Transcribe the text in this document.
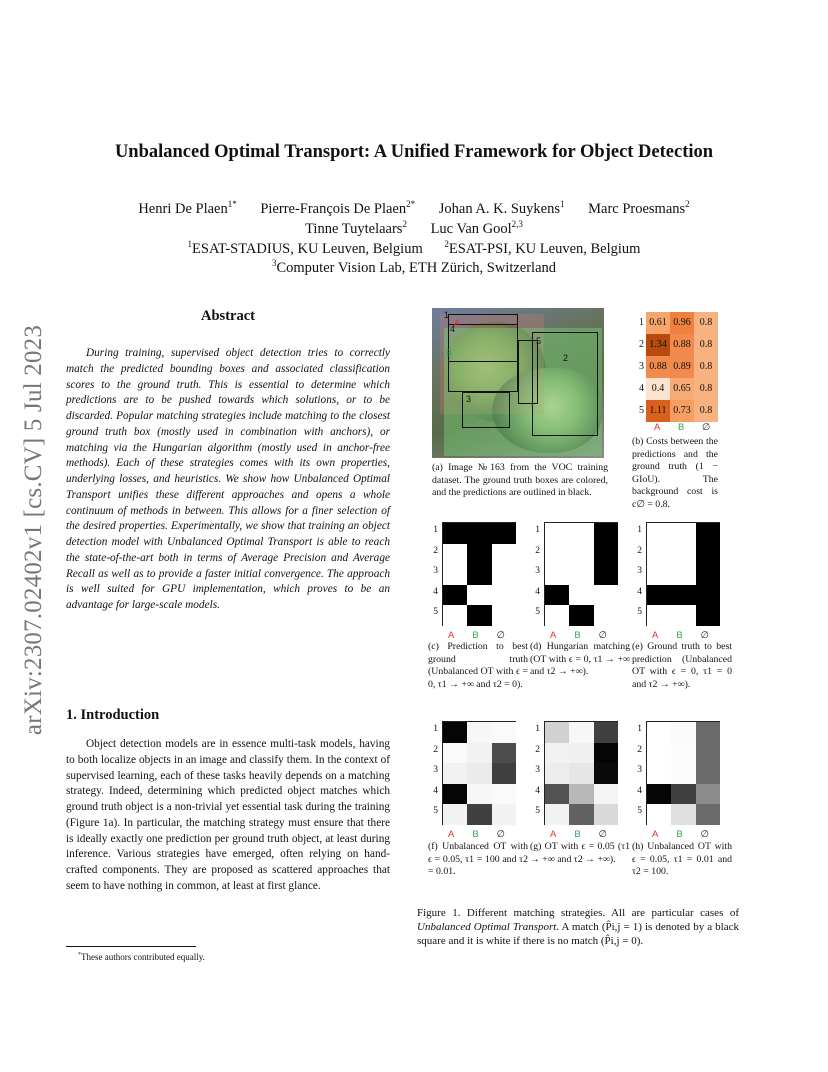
arXiv:2307.02402v1 [cs.CV] 5 Jul 2023
Unbalanced Optimal Transport: A Unified Framework for Object Detection
Henri De Plaen$^{1*}$ Pierre-François De Plaen$^{2*}$ Johan A. K. Suykens$^1$ Marc Proesmans$^2$
Tinne Tuytelaars$^2$ Luc Van Gool$^{2,3}$
$^1$ESAT-STADIUS, KU Leuven, Belgium $^2$ESAT-PSI, KU Leuven, Belgium
$^3$Computer Vision Lab, ETH Zürich, Switzerland
Abstract

During training, supervised object detection tries to correctly match the predicted bounding boxes and associated classification scores to the ground truth. This is essential to determine which predictions are to be pushed towards which solutions, or to be discarded. Popular matching strategies include matching to the closest ground truth box (mostly used in combination with anchors), or matching via the Hungarian algorithm (mostly used in anchor-free methods). Each of these strategies comes with its own properties, underlying losses, and heuristics. We show how Unbalanced Optimal Transport unifies these different approaches and opens a whole continuum of methods in between. This allows for a finer selection of the desired properties. Experimentally, we show that training an object detection model with Unbalanced Optimal Transport is able to reach the state-of-the-art both in terms of Average Precision and Average Recall as well as to provide a faster initial convergence. The approach is well suited for GPU implementation, which proves to be an advantage for large-scale models.

1. Introduction

Object detection models are in essence multi-task models, having to both localize objects in an image and classify them. In the context of supervised learning, each of these tasks heavily depends on a matching strategy. Indeed, determining which predicted object matches which ground truth object is a non-trivial yet essential task during the training (Figure 1a). In particular, the matching strategy must ensure that there is ideally exactly one prediction per ground truth object, at least during inference. Various strategies have emerged, often relying on hand-crafted components. They are proposed as scattered approaches that seem to have nothing in common, at least at first glance.

*These authors contributed equally.
1
2
3
4
5
A
B

(a) Image №163 from the VOC training dataset. The ground truth boxes are colored, and the predictions are outlined in black.

1 0.61 0.96 0.8
2 1.34 0.88 0.8
3 0.88 0.89 0.8
4 0.4 0.65 0.8
5 1.11 0.73 0.8
A B ∅

(b) Costs between the predictions and the ground truth (1 − GIoU). The background cost is c∅ = 0.8.

1
2
3
4
5
A B ∅

(c) Prediction to best ground truth (Unbalanced OT with ϵ = 0, τ1 → +∞ and τ2 = 0).

1
2
3
4
5
A B ∅

(d) Hungarian matching (OT with ϵ = 0, τ1 → +∞ and τ2 → +∞).

1
2
3
4
5
A B ∅

(e) Ground truth to best prediction (Unbalanced OT with ϵ = 0, τ1 = 0 and τ2 → +∞).

1
2
3
4
5
A B ∅

(f) Unbalanced OT with ϵ = 0.05, τ1 = 100 and τ2 = 0.01.

1
2
3
4
5
A B ∅

(g) OT with ϵ = 0.05 (τ1 → +∞ and τ2 → +∞).

1
2
3
4
5
A B ∅

(h) Unbalanced OT with ϵ = 0.05, τ1 = 0.01 and τ2 = 100.

Figure 1. Different matching strategies. All are particular cases of Unbalanced Optimal Transport. A match (P̂i,j = 1) is denoted by a black square and it is white if there is no match (P̂i,j = 0).
